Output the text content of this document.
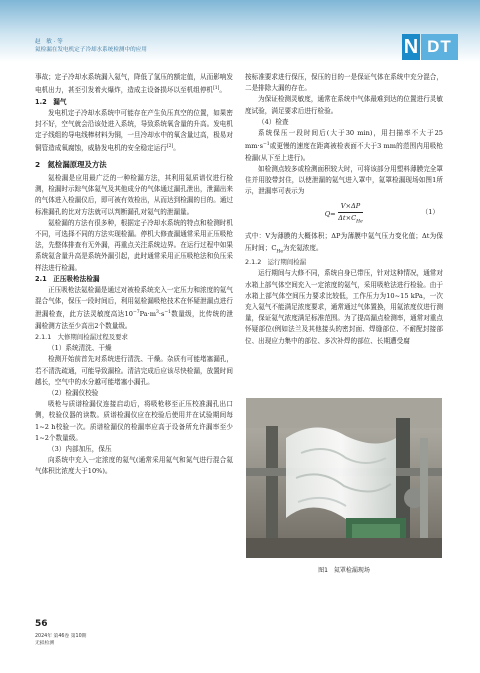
赵　敏 · 等
氦检漏在发电机定子冷却水系统检测中的应用	N DT

事故；定子冷却水系统漏入氦气，降低了氢压的额定值，从而影响发电机出力，甚至引发着火爆炸，造成主设备损坏以至机组停机[1]。

1.2　漏气

发电机定子冷却水系统中可能存在产生负压真空的位置，如果密封不好，空气就会沿该处进入系统，导致系统氧含量的升高。发电机定子线组的导电线棒材料为铜，一旦冷却水中的氧含量过高，极易对铜管造成氧腐蚀，威胁发电机的安全稳定运行[2]。

2　氦检漏原理及方法

氦检漏是应用最广泛的一种检漏方法，其利用氦质谱仪进行检测，检漏时示踪气体氦气及其他成分的气体通过漏孔泄出，泄漏出来的气体进入检漏仪后，即可被有效检出，从而达到检漏的目的。通过标准漏孔的比对方法就可以判断漏孔对氦气的泄漏量。

氦检漏的方法有很多种，根据定子冷却水系统的特点和检测时机不同，可选择不同的方法实现检漏。停机大修查漏通常采用正压吸枪法，先整体排查有无外漏，再重点关注系统边界。在运行过程中如果系统氦含量升高是系统外漏引起，此时通常采用正压吸枪法和负压采样法进行检漏。

2.1　正压吸枪法检漏

正压吸枪法氦检漏是通过对被检系统充入一定压力和浓度的氦气混合气体，保压一段时间后，利用氦检漏吸枪技术在怀疑泄漏点进行泄漏检查，此方法灵敏度高达$10^{-7}Pa\cdot m^3\cdot s^{-1}$数量级，比传统的泄漏检测方法至少高出2个数量级。

2.1.1　大修期间检漏过程及要求

（1）系统清洗、干燥

检测开始前首先对系统进行清洗、干燥。杂质有可能堵塞漏孔，若不清洗疏通，可能导致漏检。清洁完成后应该尽快检漏，放置时间越长，空气中的水分越可能堵塞小漏孔。

（2）检漏仪校验

吸枪与质谱检漏仪连接启动后，将吸枪移至正压校准漏孔出口侧，校验仪器的读数。质谱检漏仪应在校验后使用并在试验期间每1~2 h校验一次。质谱检漏仪的检漏率应高于设备所允许漏率至少1~2个数量级。

（3）内部加压，保压

向系统中充入一定浓度的氦气(通常采用氦气和氮气进行混合氦气体积比浓度大于10%)。

按标准要求进行保压，保压的目的一是保证气体在系统中充分混合，二是排除大漏的存在。

为保证检测灵敏度，通常在系统中气体最难到达的位置进行灵敏度试验，满足要求后进行检验。

（4）检查

系统保压一段时间后(大于30 min)，用扫描率不大于25 $mm\cdot s^{-1}$或更慢的速度在距离被检表面不大于3 mm的范围内用吸枪检漏(从下至上进行)。

如检测点较多或检测面积较大时，可将该部分用塑料薄膜完全罩住并用胶带封住，以使泄漏的氦气进入罩中，氦罩检漏现场如图1所示，泄漏率可表示为

$Q= \frac{V\times\Delta P}{\Delta t\times C_{He}}$	（1）

式中：V为薄膜的大概体积；ΔP为薄膜中氦气压力变化值；Δt为保压时间；$C_{He}$为充氦浓度。

2.1.2　运行期间检漏

运行期间与大修不同，系统自身已带压，针对这种情况，通常对水箱上部气体空间充入一定浓度的氦气，采用吸枪法进行检验。由于水箱上部气体空间压力要求比较低，工作压力为10~15 kPa，一次充入氦气不能满足浓度要求，通常通过气体置换，用氦浓度仪进行测量，保证氦气浓度满足标准范围。为了提高漏点检测率，通常对重点怀疑部位(例如法兰及其他接头的密封面、焊缝部位、不耐配封接部位、出现应力集中的部位、多次补焊的部位、长期遭受腐

图1　氦罩检漏现场
56
2024年 第46卷 第10期
无损检测
